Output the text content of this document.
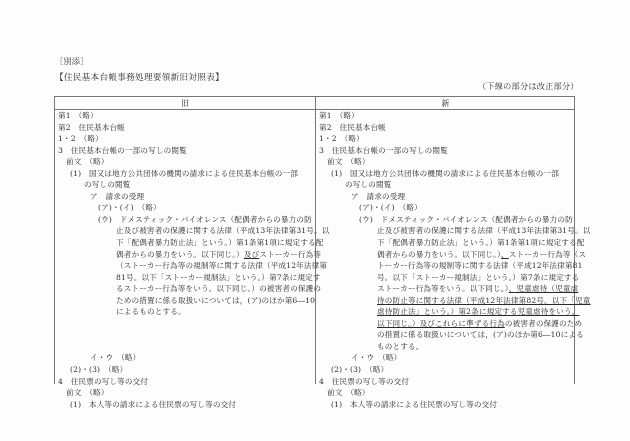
［別添］
【住民基本台帳事務処理要領新旧対照表】
（下線の部分は改正部分）
旧	新
第1　（略）
第2　住民基本台帳
1・2　（略）
3　住民基本台帳の一部の写しの閲覧
前文　（略）
(1)　国又は地方公共団体の機関の請求による住民基本台帳の一部
の写しの閲覧
ア　請求の受理
(ア)・(イ)　（略）
(ウ)　ドメスティック・バイオレンス（配偶者からの暴力の防
止及び被害者の保護に関する法律（平成13年法律第31号。以
下「配偶者暴力防止法」という。）第1条第1項に規定する配
偶者からの暴力をいう。以下同じ。）及びストーカー行為等
（ストーカー行為等の規制等に関する法律（平成12年法律第
81号。以下「ストーカー規制法」という。）第7条に規定す
るストーカー行為等をいう。以下同じ。）の被害者の保護の
ための措置に係る取扱いについては，(ア)のほか第6―10
によるものとする。
イ・ウ　（略）
(2)・(3)　（略）
4　住民票の写し等の交付
前文　（略）
(1)　本人等の請求による住民票の写し等の交付
第1　（略）
第2　住民基本台帳
1・2　（略）
3　住民基本台帳の一部の写しの閲覧
前文　（略）
(1)　国又は地方公共団体の機関の請求による住民基本台帳の一部
の写しの閲覧
ア　請求の受理
(ア)・(イ)　（略）
(ウ)　ドメスティック・バイオレンス（配偶者からの暴力の防
止及び被害者の保護に関する法律（平成13年法律第31号。以
下「配偶者暴力防止法」という。）第1条第1項に規定する配
偶者からの暴力をいう。以下同じ。）、ストーカー行為等（ス
トーカー行為等の規制等に関する法律（平成12年法律第81
号。以下「ストーカー規制法」という。）第7条に規定する
ストーカー行為等をいう。以下同じ。）、児童虐待（児童虐
待の防止等に関する法律（平成12年法律第82号。以下「児童
虐待防止法」という。）第2条に規定する児童虐待をいう。
以下同じ。）及びこれらに準ずる行為の被害者の保護のため
の措置に係る取扱いについては，(ア)のほか第6―10による
ものとする。
イ・ウ　（略）
(2)・(3)　（略）
4　住民票の写し等の交付
前文　（略）
(1)　本人等の請求による住民票の写し等の交付
